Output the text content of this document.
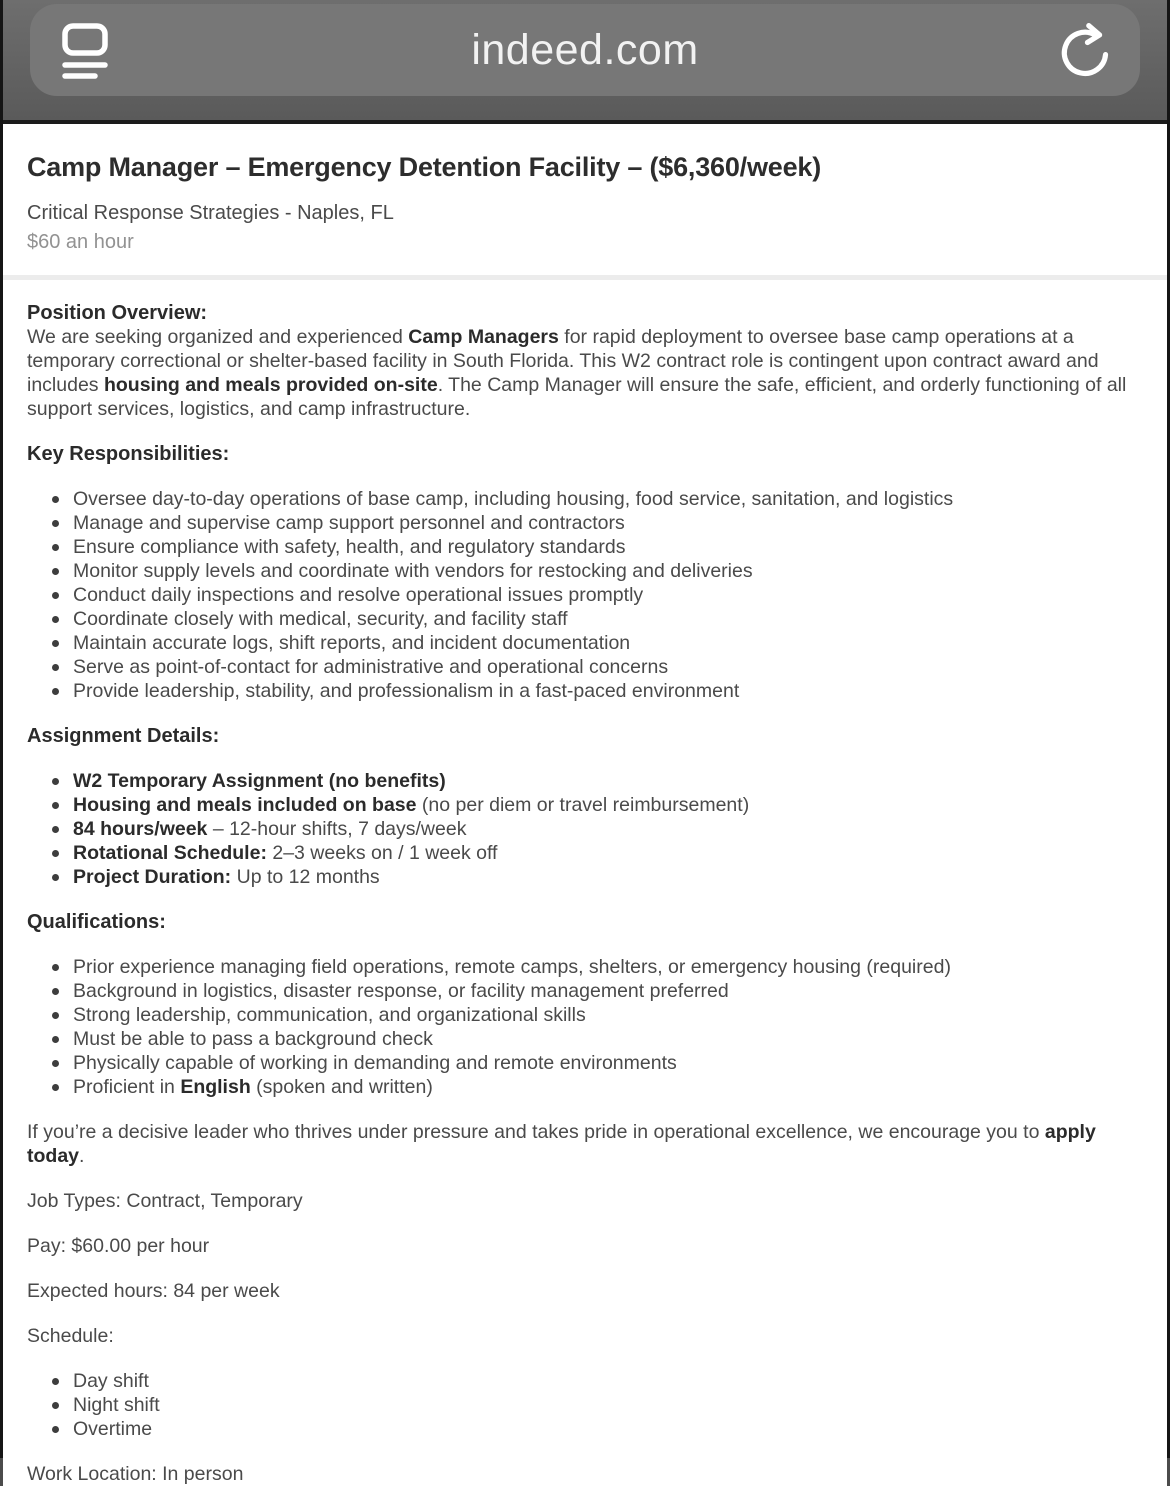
indeed.com
Camp Manager – Emergency Detention Facility – ($6,360/week)
Critical Response Strategies - Naples, FL
$60 an hour
Position Overview:

We are seeking organized and experienced Camp Managers for rapid deployment to oversee base camp operations at a temporary correctional or shelter-based facility in South Florida. This W2 contract role is contingent upon contract award and includes housing and meals provided on-site. The Camp Manager will ensure the safe, efficient, and orderly functioning of all support services, logistics, and camp infrastructure.

Key Responsibilities:
Oversee day-to-day operations of base camp, including housing, food service, sanitation, and logistics
Manage and supervise camp support personnel and contractors
Ensure compliance with safety, health, and regulatory standards
Monitor supply levels and coordinate with vendors for restocking and deliveries
Conduct daily inspections and resolve operational issues promptly
Coordinate closely with medical, security, and facility staff
Maintain accurate logs, shift reports, and incident documentation
Serve as point-of-contact for administrative and operational concerns
Provide leadership, stability, and professionalism in a fast-paced environment
Assignment Details:
W2 Temporary Assignment (no benefits)
Housing and meals included on base (no per diem or travel reimbursement)
84 hours/week – 12-hour shifts, 7 days/week
Rotational Schedule: 2–3 weeks on / 1 week off
Project Duration: Up to 12 months
Qualifications:
Prior experience managing field operations, remote camps, shelters, or emergency housing (required)
Background in logistics, disaster response, or facility management preferred
Strong leadership, communication, and organizational skills
Must be able to pass a background check
Physically capable of working in demanding and remote environments
Proficient in English (spoken and written)

If you’re a decisive leader who thrives under pressure and takes pride in operational excellence, we encourage you to apply today.

Job Types: Contract, Temporary

Pay: $60.00 per hour

Expected hours: 84 per week

Schedule:

Day shift
Night shift
Overtime

Work Location: In person
